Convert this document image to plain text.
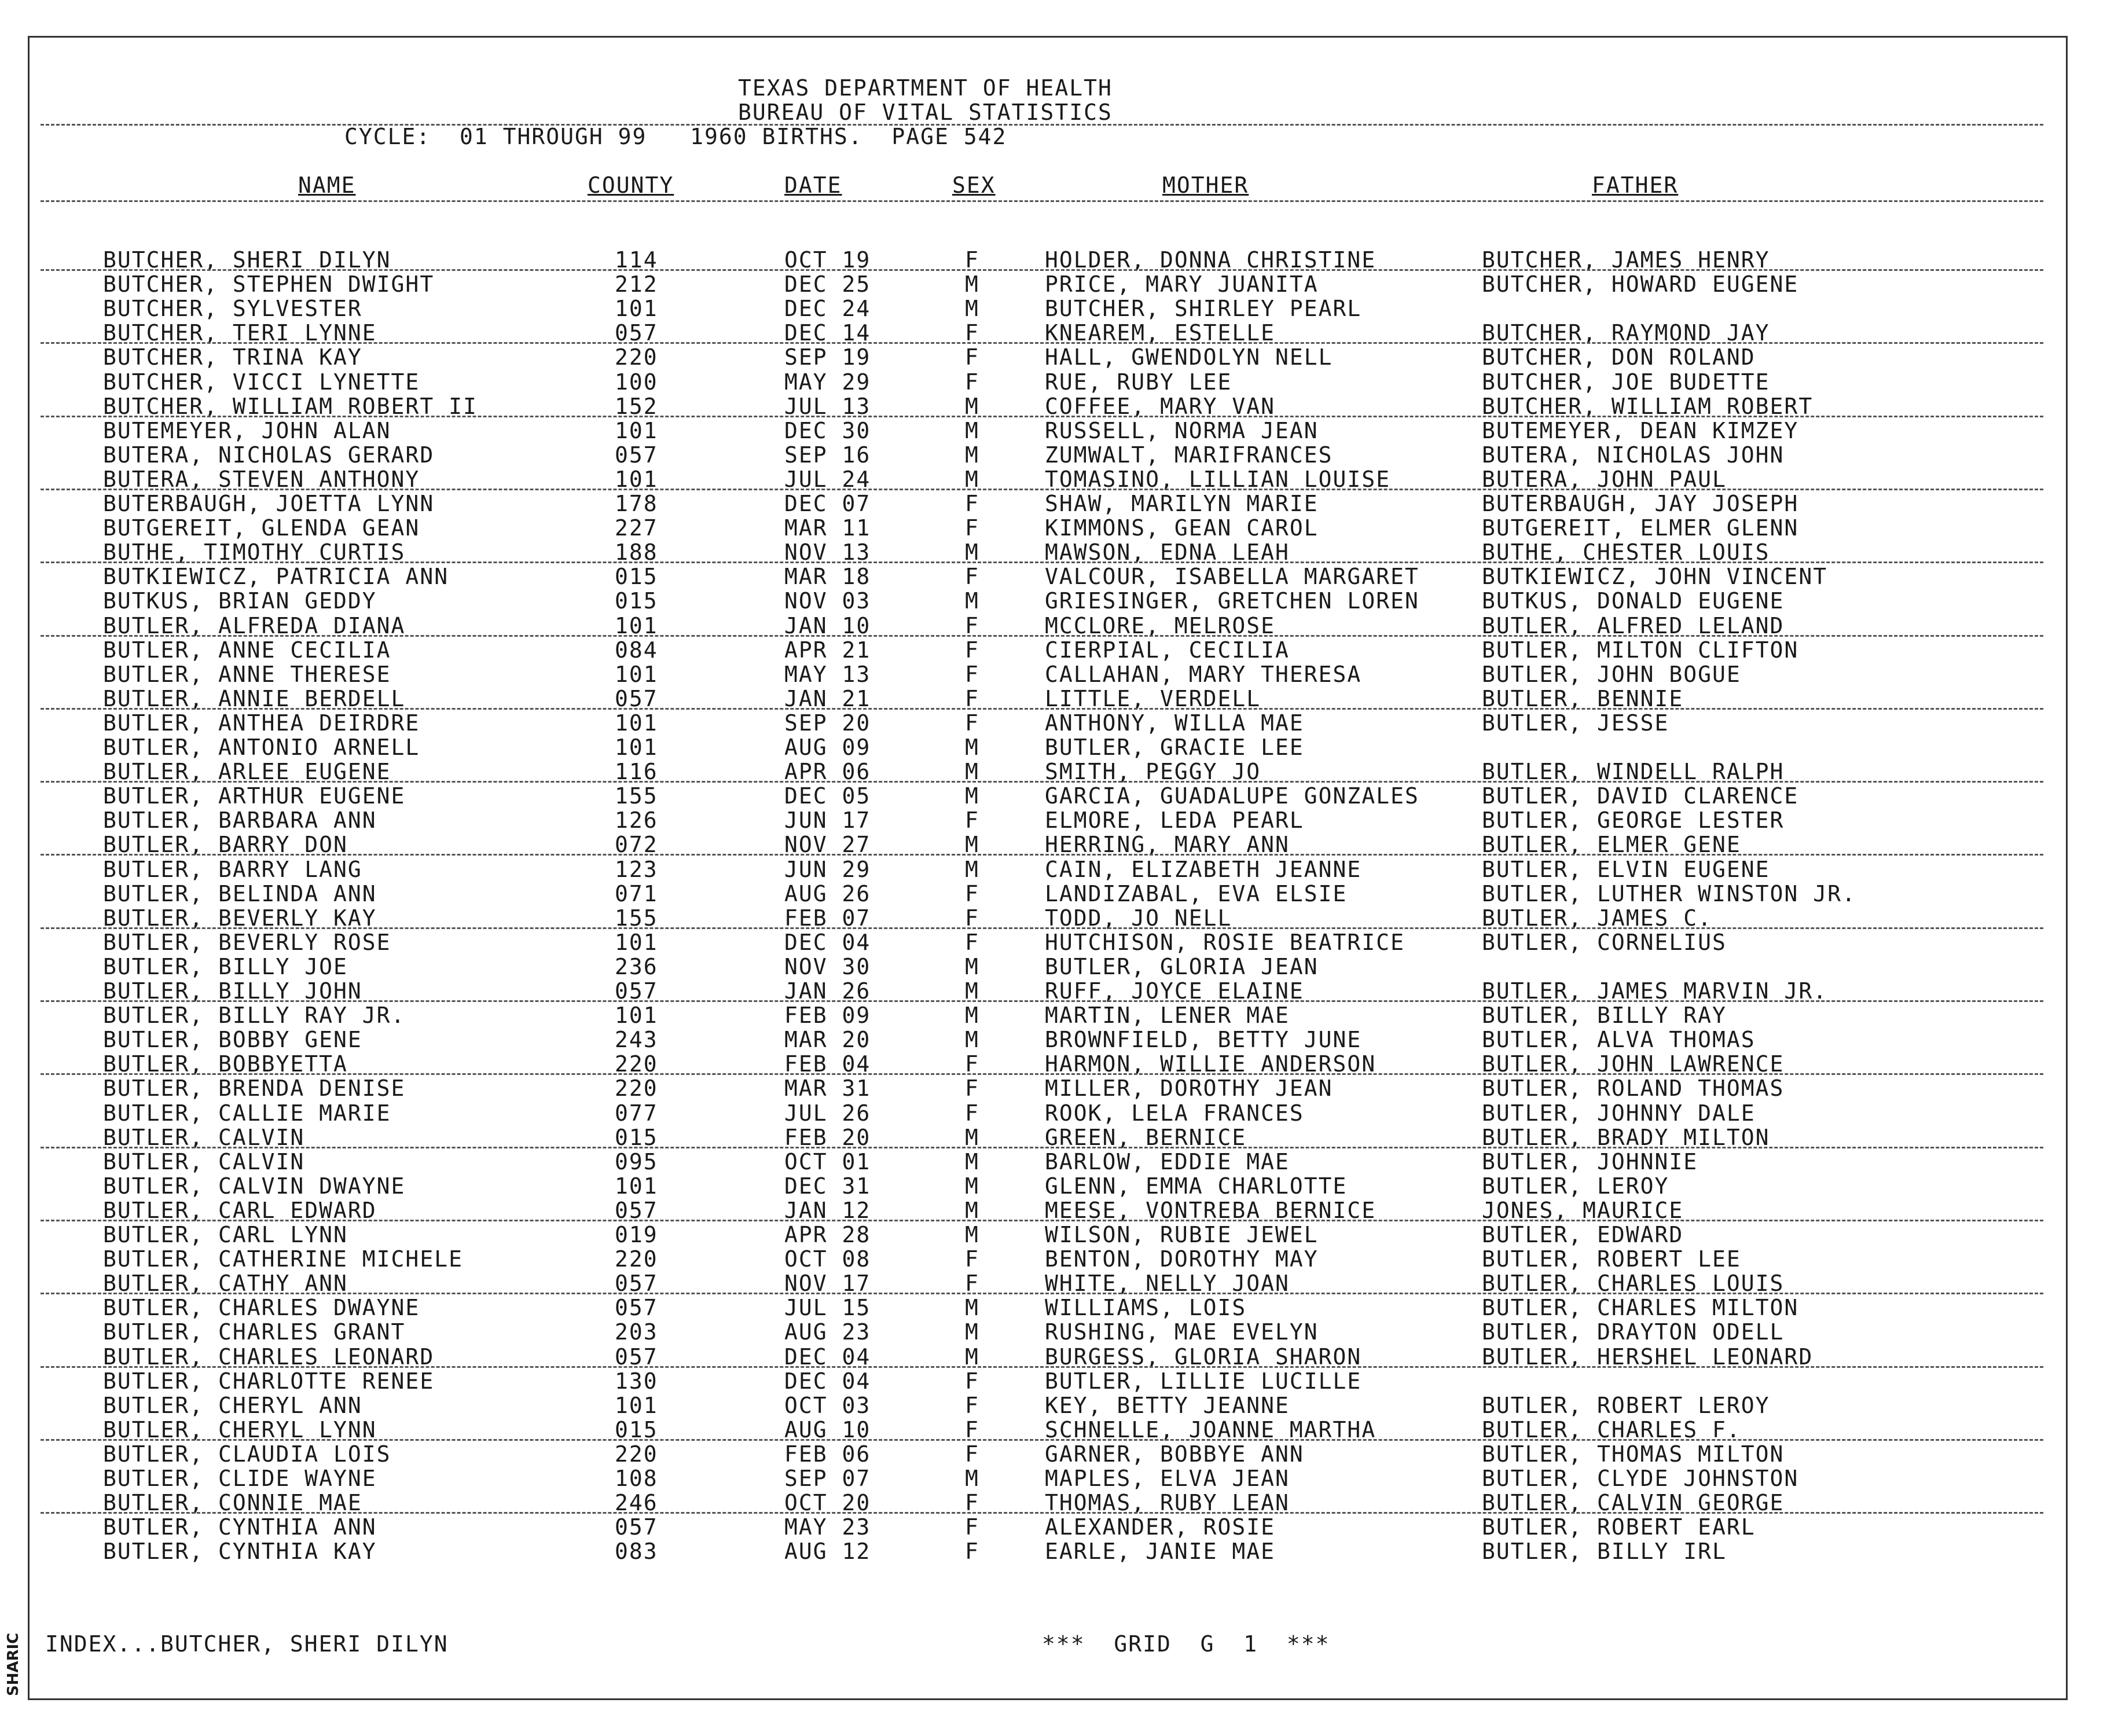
TEXAS DEPARTMENT OF HEALTH
BUREAU OF VITAL STATISTICS
CYCLE:  01 THROUGH 99   1960 BIRTHS.  PAGE 542
NAME	COUNTY	DATE	SEX	MOTHER	FATHER
BUTCHER, SHERI DILYN	114	OCT 19	F	HOLDER, DONNA CHRISTINE	BUTCHER, JAMES HENRY
BUTCHER, STEPHEN DWIGHT	212	DEC 25	M	PRICE, MARY JUANITA	BUTCHER, HOWARD EUGENE
BUTCHER, SYLVESTER	101	DEC 24	M	BUTCHER, SHIRLEY PEARL
BUTCHER, TERI LYNNE	057	DEC 14	F	KNEAREM, ESTELLE	BUTCHER, RAYMOND JAY
BUTCHER, TRINA KAY	220	SEP 19	F	HALL, GWENDOLYN NELL	BUTCHER, DON ROLAND
BUTCHER, VICCI LYNETTE	100	MAY 29	F	RUE, RUBY LEE	BUTCHER, JOE BUDETTE
BUTCHER, WILLIAM ROBERT II	152	JUL 13	M	COFFEE, MARY VAN	BUTCHER, WILLIAM ROBERT
BUTEMEYER, JOHN ALAN	101	DEC 30	M	RUSSELL, NORMA JEAN	BUTEMEYER, DEAN KIMZEY
BUTERA, NICHOLAS GERARD	057	SEP 16	M	ZUMWALT, MARIFRANCES	BUTERA, NICHOLAS JOHN
BUTERA, STEVEN ANTHONY	101	JUL 24	M	TOMASINO, LILLIAN LOUISE	BUTERA, JOHN PAUL
BUTERBAUGH, JOETTA LYNN	178	DEC 07	F	SHAW, MARILYN MARIE	BUTERBAUGH, JAY JOSEPH
BUTGEREIT, GLENDA GEAN	227	MAR 11	F	KIMMONS, GEAN CAROL	BUTGEREIT, ELMER GLENN
BUTHE, TIMOTHY CURTIS	188	NOV 13	M	MAWSON, EDNA LEAH	BUTHE, CHESTER LOUIS
BUTKIEWICZ, PATRICIA ANN	015	MAR 18	F	VALCOUR, ISABELLA MARGARET	BUTKIEWICZ, JOHN VINCENT
BUTKUS, BRIAN GEDDY	015	NOV 03	M	GRIESINGER, GRETCHEN LOREN	BUTKUS, DONALD EUGENE
BUTLER, ALFREDA DIANA	101	JAN 10	F	MCCLORE, MELROSE	BUTLER, ALFRED LELAND
BUTLER, ANNE CECILIA	084	APR 21	F	CIERPIAL, CECILIA	BUTLER, MILTON CLIFTON
BUTLER, ANNE THERESE	101	MAY 13	F	CALLAHAN, MARY THERESA	BUTLER, JOHN BOGUE
BUTLER, ANNIE BERDELL	057	JAN 21	F	LITTLE, VERDELL	BUTLER, BENNIE
BUTLER, ANTHEA DEIRDRE	101	SEP 20	F	ANTHONY, WILLA MAE	BUTLER, JESSE
BUTLER, ANTONIO ARNELL	101	AUG 09	M	BUTLER, GRACIE LEE
BUTLER, ARLEE EUGENE	116	APR 06	M	SMITH, PEGGY JO	BUTLER, WINDELL RALPH
BUTLER, ARTHUR EUGENE	155	DEC 05	M	GARCIA, GUADALUPE GONZALES	BUTLER, DAVID CLARENCE
BUTLER, BARBARA ANN	126	JUN 17	F	ELMORE, LEDA PEARL	BUTLER, GEORGE LESTER
BUTLER, BARRY DON	072	NOV 27	M	HERRING, MARY ANN	BUTLER, ELMER GENE
BUTLER, BARRY LANG	123	JUN 29	M	CAIN, ELIZABETH JEANNE	BUTLER, ELVIN EUGENE
BUTLER, BELINDA ANN	071	AUG 26	F	LANDIZABAL, EVA ELSIE	BUTLER, LUTHER WINSTON JR.
BUTLER, BEVERLY KAY	155	FEB 07	F	TODD, JO NELL	BUTLER, JAMES C.
BUTLER, BEVERLY ROSE	101	DEC 04	F	HUTCHISON, ROSIE BEATRICE	BUTLER, CORNELIUS
BUTLER, BILLY JOE	236	NOV 30	M	BUTLER, GLORIA JEAN
BUTLER, BILLY JOHN	057	JAN 26	M	RUFF, JOYCE ELAINE	BUTLER, JAMES MARVIN JR.
BUTLER, BILLY RAY JR.	101	FEB 09	M	MARTIN, LENER MAE	BUTLER, BILLY RAY
BUTLER, BOBBY GENE	243	MAR 20	M	BROWNFIELD, BETTY JUNE	BUTLER, ALVA THOMAS
BUTLER, BOBBYETTA	220	FEB 04	F	HARMON, WILLIE ANDERSON	BUTLER, JOHN LAWRENCE
BUTLER, BRENDA DENISE	220	MAR 31	F	MILLER, DOROTHY JEAN	BUTLER, ROLAND THOMAS
BUTLER, CALLIE MARIE	077	JUL 26	F	ROOK, LELA FRANCES	BUTLER, JOHNNY DALE
BUTLER, CALVIN	015	FEB 20	M	GREEN, BERNICE	BUTLER, BRADY MILTON
BUTLER, CALVIN	095	OCT 01	M	BARLOW, EDDIE MAE	BUTLER, JOHNNIE
BUTLER, CALVIN DWAYNE	101	DEC 31	M	GLENN, EMMA CHARLOTTE	BUTLER, LEROY
BUTLER, CARL EDWARD	057	JAN 12	M	MEESE, VONTREBA BERNICE	JONES, MAURICE
BUTLER, CARL LYNN	019	APR 28	M	WILSON, RUBIE JEWEL	BUTLER, EDWARD
BUTLER, CATHERINE MICHELE	220	OCT 08	F	BENTON, DOROTHY MAY	BUTLER, ROBERT LEE
BUTLER, CATHY ANN	057	NOV 17	F	WHITE, NELLY JOAN	BUTLER, CHARLES LOUIS
BUTLER, CHARLES DWAYNE	057	JUL 15	M	WILLIAMS, LOIS	BUTLER, CHARLES MILTON
BUTLER, CHARLES GRANT	203	AUG 23	M	RUSHING, MAE EVELYN	BUTLER, DRAYTON ODELL
BUTLER, CHARLES LEONARD	057	DEC 04	M	BURGESS, GLORIA SHARON	BUTLER, HERSHEL LEONARD
BUTLER, CHARLOTTE RENEE	130	DEC 04	F	BUTLER, LILLIE LUCILLE
BUTLER, CHERYL ANN	101	OCT 03	F	KEY, BETTY JEANNE	BUTLER, ROBERT LEROY
BUTLER, CHERYL LYNN	015	AUG 10	F	SCHNELLE, JOANNE MARTHA	BUTLER, CHARLES F.
BUTLER, CLAUDIA LOIS	220	FEB 06	F	GARNER, BOBBYE ANN	BUTLER, THOMAS MILTON
BUTLER, CLIDE WAYNE	108	SEP 07	M	MAPLES, ELVA JEAN	BUTLER, CLYDE JOHNSTON
BUTLER, CONNIE MAE	246	OCT 20	F	THOMAS, RUBY LEAN	BUTLER, CALVIN GEORGE
BUTLER, CYNTHIA ANN	057	MAY 23	F	ALEXANDER, ROSIE	BUTLER, ROBERT EARL
BUTLER, CYNTHIA KAY	083	AUG 12	F	EARLE, JANIE MAE	BUTLER, BILLY IRL
INDEX...BUTCHER, SHERI DILYN	***  GRID  G  1  ***
SHARIC
